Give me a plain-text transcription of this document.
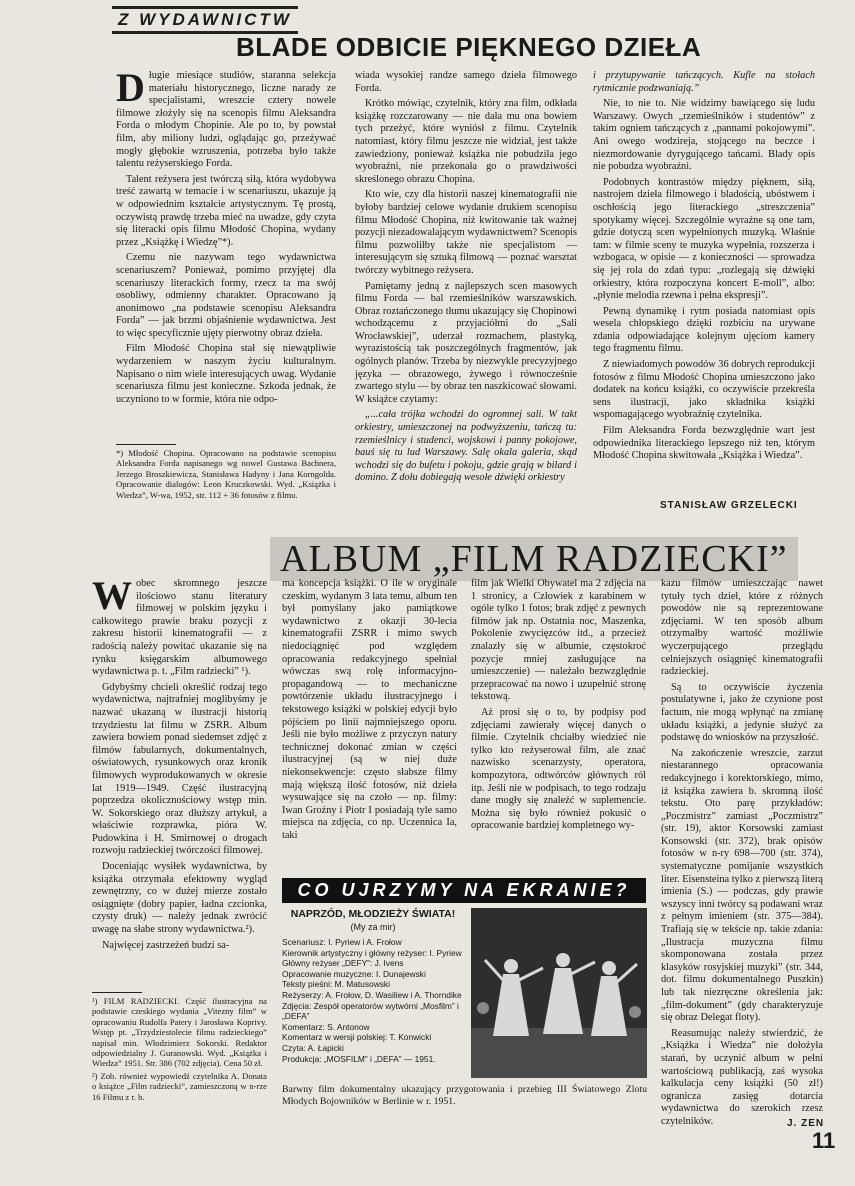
Z WYDAWNICTW
BLADE ODBICIE PIĘKNEGO DZIEŁA

Długie miesiące studiów, staranna selekcja materiału historycznego, liczne narady ze specjalistami, wreszcie cztery nowele filmowe złożyły się na scenopis filmu Aleksandra Forda o młodym Chopinie. Ale po to, by powstał film, aby miliony ludzi, oglądając go, przeżywać mogły głębokie wzruszenia, potrzeba było także talentu reżyserskiego Forda.

Talent reżysera jest twórczą siłą, która wydobywa treść zawartą w temacie i w scenariuszu, ukazuje ją w odpowiednim kształcie artystycznym. Tę prostą, oczywistą prawdę trzeba mieć na uwadze, gdy czyta się literacki opis filmu Młodość Chopina, wydany przez „Książkę i Wiedzę”*).

Czemu nie nazywam tego wydawnictwa scenariuszem? Ponieważ, pomimo przyjętej dla scenariuszy literackich formy, rzecz ta ma swój osobliwy, odmienny charakter. Opracowano ją anonimowo „na podstawie scenopisu Aleksandra Forda” — jak brzmi objaśnienie wydawnictwa. Jest to więc specyficznie ujęty pierwotny obraz dzieła.

Film Młodość Chopina stał się niewątpliwie wydarzeniem w naszym życiu kulturalnym. Napisano o nim wiele interesujących uwag. Wydanie scenariusza filmu jest konieczne. Szkoda jednak, że uczyniono to w formie, która nie odpo-

*) Młodość Chopina. Opracowano na podstawie scenopisu Aleksandra Forda napisanego wg nowel Gustawa Bachnera, Jerzego Broszkiewicza, Stanisława Hadyny i Jana Korngolda. Opracowanie dialogów: Leon Kruczkowski. Wyd. „Książka i Wiedza”, W-wa, 1952, str. 112 + 36 fotosów z filmu.

wiada wysokiej randze samego dzieła filmowego Forda.

Krótko mówiąc, czytelnik, który zna film, odkłada książkę rozczarowany — nie dała mu ona bowiem tych przeżyć, które wyniósł z filmu. Czytelnik natomiast, który filmu jeszcze nie widział, jest także zawiedziony, ponieważ książka nie pobudziła jego wyobraźni, nie przekonała go o prawdziwości skreślonego obrazu Chopina.

Kto wie, czy dla historii naszej kinematografii nie byłoby bardziej celowe wydanie drukiem scenopisu filmu Młodość Chopina, niż kwitowanie tak ważnej pozycji niezadowalającym wydawnictwem? Scenopis filmu pozwoliłby także nie specjalistom — interesującym się sztuką filmową — poznać warsztat twórczy wybitnego reżysera.

Pamiętamy jedną z najlepszych scen masowych filmu Forda — bal rzemieślników warszawskich. Obraz roztańczonego tłumu ukazujący się Chopinowi wchodzącemu z przyjaciółmi do „Sali Wrocławskiej”, uderzał rozmachem, plastyką, wyrazistością tak poszczególnych fragmentów, jak ogólnych planów. Trzeba by niezwykle precyzyjnego języka — obrazowego, żywego i równocześnie zwartego stylu — by obraz ten naszkicować słowami. W książce czytamy:

„...cała trójka wchodzi do ogromnej sali. W takt orkiestry, umieszczonej na podwyższeniu, tańczą tu: rzemieślnicy i studenci, wojskowi i panny pokojowe, bauś się tu lud Warszawy. Salę okala galeria, skąd wchodzi się do bufetu i pokoju, gdzie grają w bilard i domino. Z dołu dobiegają wesołe dźwięki orkiestry

i przytupywanie tańczących. Kufle na stołach rytmicznie podzwaniają.”

Nie, to nie to. Nie widzimy bawiącego się ludu Warszawy. Owych „rzemieślników i studentów” z takim ogniem tańczących z „pannami pokojowymi”. Ani owego wodzireja, stojącego na beczce i niezmordowanie dyrygującego tańcami. Blady opis nie pobudza wyobraźni.

Podobnych kontrastów między pięknem, siłą, nastrojem dzieła filmowego i bladością, ubóstwem i oschłością jego literackiego „streszczenia” spotykamy więcej. Szczególnie wyraźne są one tam, gdzie dotyczą scen wypełnionych muzyką. Właśnie tam: w filmie sceny te muzyka wypełnia, rozszerza i wzbogaca, w opisie — z konieczności — sprowadza się jej rola do zdań typu: „rozlegają się dźwięki orkiestry, która rozpoczyna koncert E-moll”, albo: „płynie melodia rzewna i pełna ekspresji”.

Pewną dynamikę i rytm posiada natomiast opis wesela chłopskiego dzięki rozbiciu na urywane zdania odpowiadające kolejnym ujęciom kamery tego fragmentu filmu.

Z niewiadomych powodów 36 dobrych reprodukcji fotosów z filmu Młodość Chopina umieszczono jako dodatek na końcu książki, co oczywiście przekreśla sens ilustracji, jako składnika książki wspomagającego wyobraźnię czytelnika.

Film Aleksandra Forda bezwzględnie wart jest odpowiednika literackiego lepszego niż ten, którym Młodość Chopina skwitowała „Książka i Wiedza”.

STANISŁAW GRZELECKI
ALBUM „FILM RADZIECKI”

Wobec skromnego jeszcze ilościowo stanu literatury filmowej w polskim języku i całkowitego prawie braku pozycji z zakresu historii kinematografii — z radością należy powitać ukazanie się na rynku księgarskim albumowego wydawnictwa p. t. „Film radziecki” ¹).

Gdybyśmy chcieli określić rodzaj tego wydawnictwa, najtrafniej moglibyśmy je nazwać ukazaną w ilustracji historią trzydziestu lat filmu w ZSRR. Album zawiera bowiem ponad siedemset zdjęć z filmów fabularnych, dokumentalnych, oświatowych, rysunkowych oraz kronik filmowych wyprodukowanych w okresie lat 1919—1949. Część ilustracyjną poprzedza okolicznościowy wstęp min. W. Sokorskiego oraz dłuższy artykuł, a właściwie rozprawka, pióra W. Pudowkina i H. Smirnowej o drogach rozwoju radzieckiej twórczości filmowej.

Doceniając wysiłek wydawnictwa, by książka otrzymała efektowny wygląd zewnętrzny, co w dużej mierze zostało osiągnięte (dobry papier, ładna czcionka, czysty druk) — należy jednak zwrócić uwagę na słabe strony wydawnictwa.²).

Najwięcej zastrzeżeń budzi sa-

¹) FILM RADZIECKI. Część ilustracyjna na podstawie czeskiego wydania „Vitezny film” w opracowaniu Rudolfa Patery i Jarosława Koprivy. Wstęp pt. „Trzydziestolecie filmu radzieckiego” napisał min. Włodzimierz Sokorski. Redaktor odpowiedzialny J. Guranowski. Wyd. „Książka i Wiedza” 1951. Str. 386 (702 zdjęcia). Cena 50 zł.
²) Zob. również wypowiedź czytelnika A. Donata o książce „Film radziecki”, zamieszczoną w n-rze 16 Filmu z r. b.

ma koncepcja książki. O ile w oryginale czeskim, wydanym 3 lata temu, album ten był pomyślany jako pamiątkowe wydawnictwo z okazji 30-lecia kinematografii ZSRR i mimo swych niedociągnięć pod względem opracowania redakcyjnego spełniał wówczas swą rolę informacyjno-propagandową — to mechaniczne powtórzenie układu ilustracyjnego i tekstowego książki w polskiej edycji było pójściem po linii najmniejszego oporu. Jeśli nie było możliwe z przyczyn natury technicznej dokonać zmian w części ilustracyjnej (są w niej duże niekonsekwencje: często słabsze filmy mają większą ilość fotosów, niż dzieła wysuwające się na czoło — np. filmy: Iwan Groźny i Piotr I posiadają tyle samo miejsca na zdjęcia, co np. Uczennica Ia, taki

film jak Wielki Obywatel ma 2 zdjęcia na 1 stronicy, a Człowiek z karabinem w ogóle tylko 1 fotos; brak zdjęć z pewnych filmów jak np. Ostatnia noc, Maszenka, Pokolenie zwycięzców itd., a przecież znalazły się w albumie, częstokroć pozycje mniej zasługujące na umieszczenie) — należało bezwzględnie przepracować na nowo i uzupełnić stronę tekstową.

Aż prosi się o to, by podpisy pod zdjęciami zawierały więcej danych o filmie. Czytelnik chciałby wiedzieć nie tylko kto reżyserował film, ale znać nazwisko scenarzysty, operatora, kompozytora, odtwórców głównych ról itp. Jeśli nie w podpisach, to tego rodzaju dane mogły się znaleźć w suplemencie. Można się było również pokusić o opracowanie bardziej kompletnego wy-

kazu filmów umieszczając nawet tytuły tych dzieł, które z różnych powodów nie są reprezentowane zdjęciami. W ten sposób album otrzymałby wartość możliwie wyczerpującego przeglądu celniejszych osiągnięć kinematografii radzieckiej.

Są to oczywiście życzenia postulatywne i, jako że czynione post factum, nie mogą wpłynąć na zmianę układu książki, a jedynie służyć za podstawę do wniosków na przyszłość.

Na zakończenie wreszcie, zarzut niestarannego opracowania redakcyjnego i korektorskiego, mimo, iż książka zawiera b. skromną ilość tekstu. Oto parę przykładów: „Poczmistrz” zamiast „Poczmistrz” (str. 19), aktor Korsowski zamiast Konsowski (str. 372), brak opisów fotosów w n-ry 698—700 (str. 374), systematyczne pomijanie wszystkich liter. Eisensteina tylko z pierwszą literą imienia (S.) — podczas, gdy prawie wszyscy inni twórcy są podawani wraz z pełnym imieniem (str. 375—384). Trafiają się w tekście np. takie zdania: „Ilustracja muzyczna filmu skomponowana została przez klasyków rosyjskiej muzyki” (str. 344, dot. filmu dokumentalnego Puszkin) lub tak niezręczne określenia jak: „film-dokument” (gdy charakteryzuje się obraz Delegat floty).

Reasumując należy stwierdzić, że „Książka i Wiedza” nie dołożyła starań, by uczynić album w pełni wartościową publikacją, zaś wysoka kalkulacja ceny książki (50 zł!) ogranicza zasięg dotarcia wydawnictwa do szerokich rzesz czytelników.	J. ZEN
CO UJRZYMY NA EKRANIE?
NAPRZÓD, MŁODZIEŻY ŚWIATA!
(My za mir)
Scenariusz: I. Pyriew i A. Frołow
Kierownik artystyczny i główny reżyser: I. Pyriew
Główny reżyser „DEFY”: J. Ivens
Opracowanie muzyczne: I. Dunajewski
Teksty pieśni: M. Matusowski
Reżyserzy: A. Frołow, D. Wasiliew i A. Thorndike
Zdjęcia: Zespół operatorów wytwórni „Mosfilm” i „DEFA”
Komentarz: S. Antonow
Komentarz w wersji polskiej: T. Konwicki
Czyta: A. Łapicki
Produkcja: „MOSFILM” i „DEFA” — 1951.
Barwny film dokumentalny ukazujący przygotowania i przebieg III Światowego Zlotu Młodych Bojowników w Berlinie w r. 1951.
11
